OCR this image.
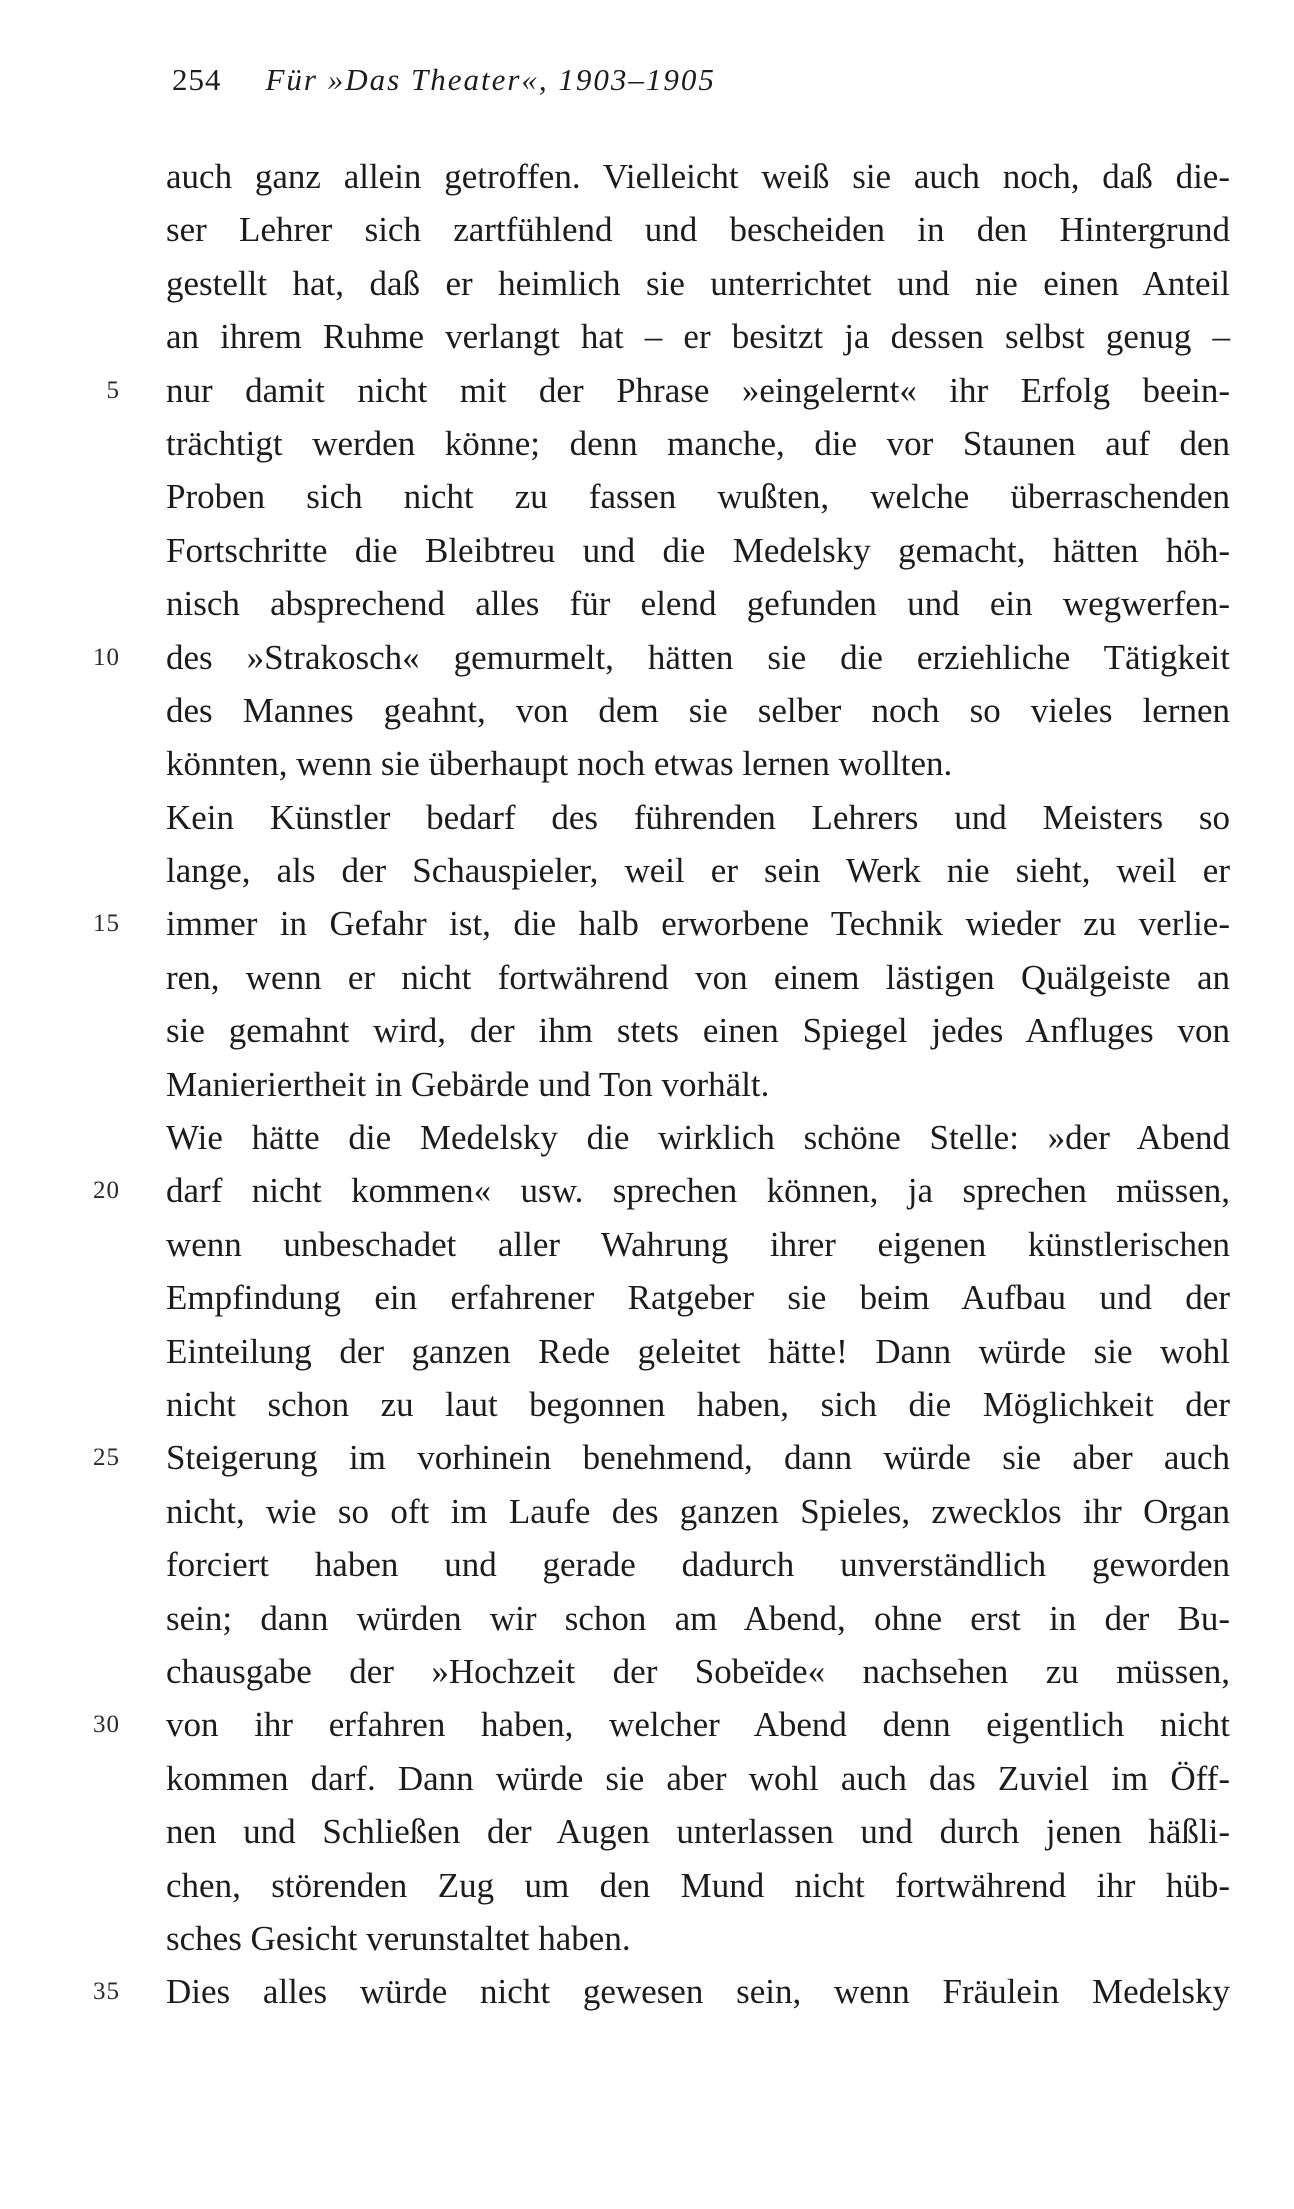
254 Für »Das Theater«, 1903–1905
auch ganz allein getroffen. Vielleicht weiß sie auch noch, daß die-
ser Lehrer sich zartfühlend und bescheiden in den Hintergrund
gestellt hat, daß er heimlich sie unterrichtet und nie einen Anteil
an ihrem Ruhme verlangt hat – er besitzt ja dessen selbst genug –
5 nur damit nicht mit der Phrase »eingelernt« ihr Erfolg beein-
trächtigt werden könne; denn manche, die vor Staunen auf den
Proben sich nicht zu fassen wußten, welche überraschenden
Fortschritte die Bleibtreu und die Medelsky gemacht, hätten höh-
nisch absprechend alles für elend gefunden und ein wegwerfen-
10 des »Strakosch« gemurmelt, hätten sie die erziehliche Tätigkeit
des Mannes geahnt, von dem sie selber noch so vieles lernen
könnten, wenn sie überhaupt noch etwas lernen wollten.
Kein Künstler bedarf des führenden Lehrers und Meisters so
lange, als der Schauspieler, weil er sein Werk nie sieht, weil er
15 immer in Gefahr ist, die halb erworbene Technik wieder zu verlie-
ren, wenn er nicht fortwährend von einem lästigen Quälgeiste an
sie gemahnt wird, der ihm stets einen Spiegel jedes Anfluges von
Manieriertheit in Gebärde und Ton vorhält.
Wie hätte die Medelsky die wirklich schöne Stelle: »der Abend
20 darf nicht kommen« usw. sprechen können, ja sprechen müssen,
wenn unbeschadet aller Wahrung ihrer eigenen künstlerischen
Empfindung ein erfahrener Ratgeber sie beim Aufbau und der
Einteilung der ganzen Rede geleitet hätte! Dann würde sie wohl
nicht schon zu laut begonnen haben, sich die Möglichkeit der
25 Steigerung im vorhinein benehmend, dann würde sie aber auch
nicht, wie so oft im Laufe des ganzen Spieles, zwecklos ihr Organ
forciert haben und gerade dadurch unverständlich geworden
sein; dann würden wir schon am Abend, ohne erst in der Bu-
chausgabe der »Hochzeit der Sobeïde« nachsehen zu müssen,
30 von ihr erfahren haben, welcher Abend denn eigentlich nicht
kommen darf. Dann würde sie aber wohl auch das Zuviel im Öff-
nen und Schließen der Augen unterlassen und durch jenen häßli-
chen, störenden Zug um den Mund nicht fortwährend ihr hüb-
sches Gesicht verunstaltet haben.
35 Dies alles würde nicht gewesen sein, wenn Fräulein Medelsky
